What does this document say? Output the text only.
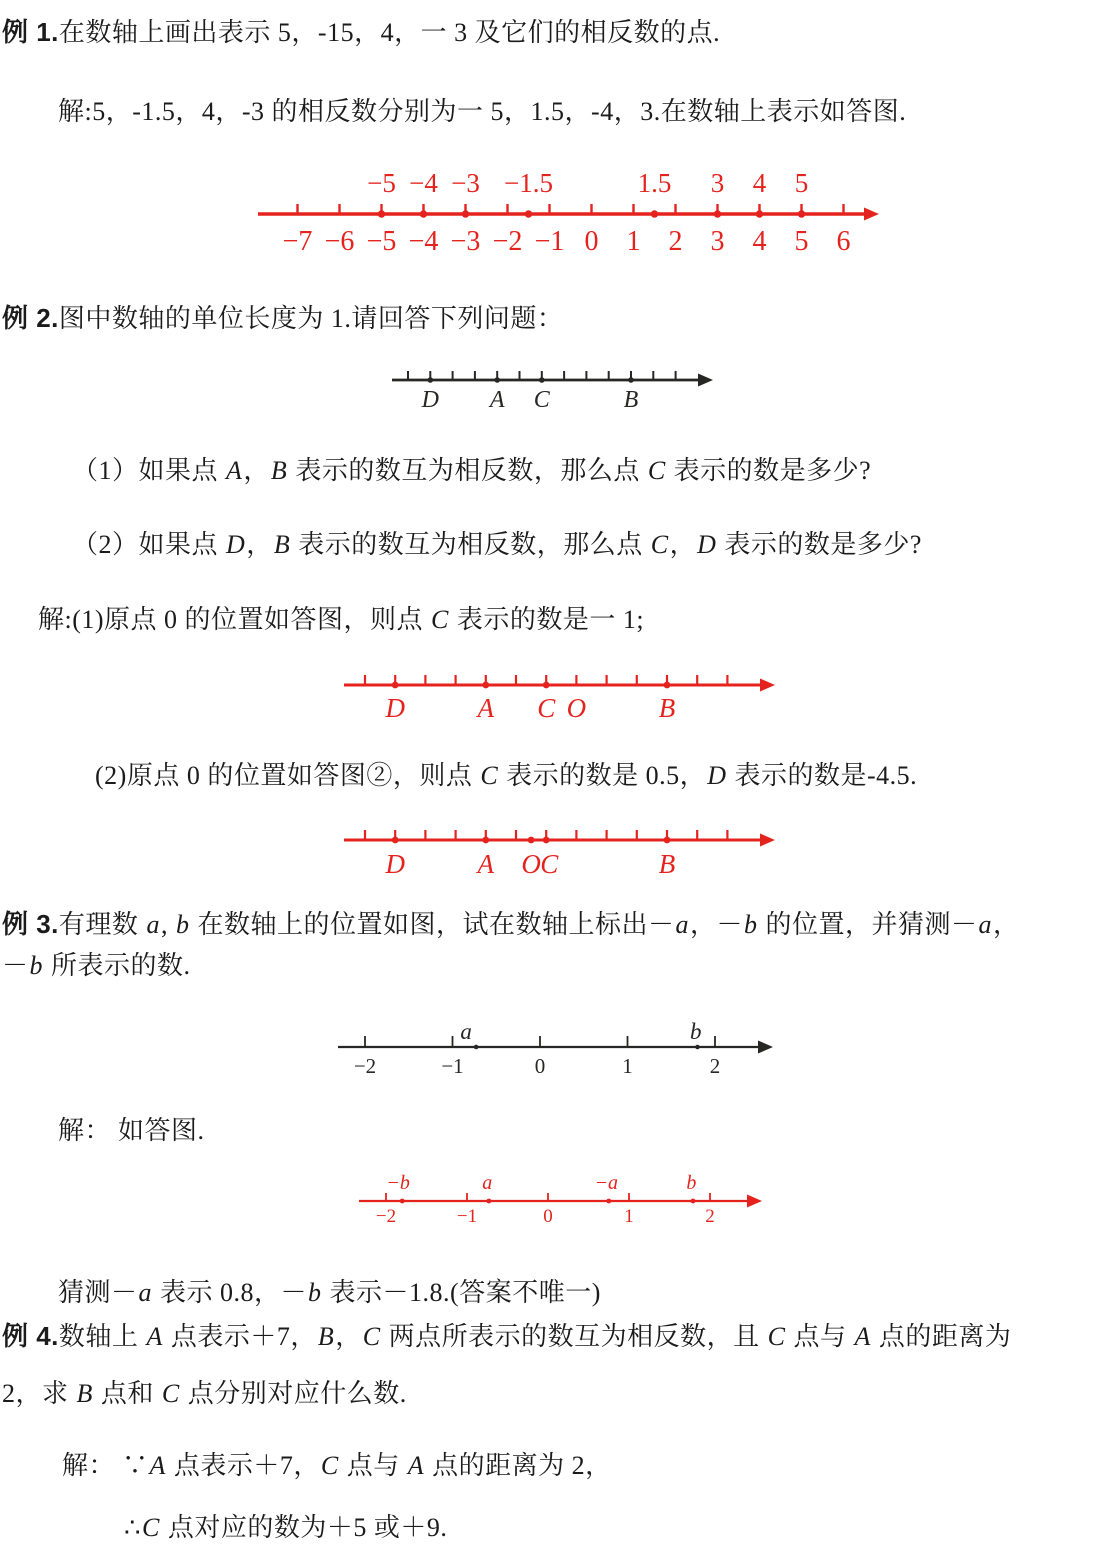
例 1.在数轴上画出表示 5，-15，4，一 3 及它们的相反数的点.
解:5，-1.5，4，-3 的相反数分别为一 5，1.5，-4，3.在数轴上表示如答图.
−5 −4 −3 −1.5	1.5 3 4 5
−7 −6 −5 −4 −3 −2 −1 0 1 2 3 4 5 6
例 2.图中数轴的单位长度为 1.请回答下列问题：
D A C	B
（1）如果点 A，B 表示的数互为相反数，那么点 C 表示的数是多少?
（2）如果点 D，B 表示的数互为相反数，那么点 C，D 表示的数是多少?
解:(1)原点 0 的位置如答图，则点 C 表示的数是一 1;
D	A C O	B
(2)原点 0 的位置如答图②，则点 C 表示的数是 0.5，D 表示的数是-4.5.
D	A O C	B
例 3.有理数 a, b 在数轴上的位置如图，试在数轴上标出－a，－b 的位置，并猜测－a，
－b 所表示的数.
a	b
−2	−1	0	1	2
解： 如答图.
−b	a	−a	b
−2	−1	0	1	2
猜测－a 表示 0.8，－b 表示－1.8.(答案不唯一)
例 4.数轴上 A 点表示＋7，B，C 两点所表示的数互为相反数，且 C 点与 A 点的距离为
2，求 B 点和 C 点分别对应什么数.
解： ∵A 点表示＋7，C 点与 A 点的距离为 2，
∴C 点对应的数为＋5 或＋9.
